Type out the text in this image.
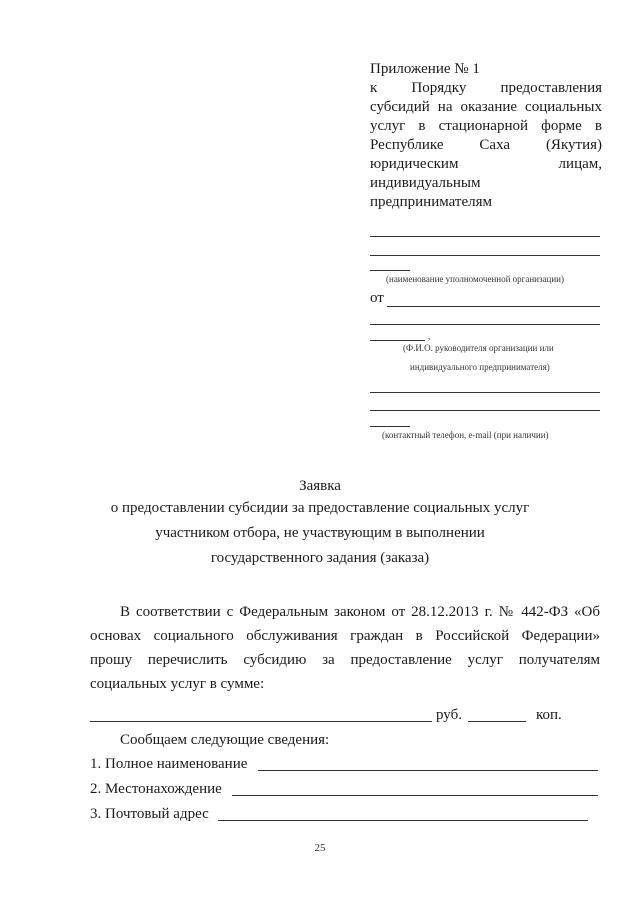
Приложение № 1
к Порядку предоставления
субсидий на оказание социальных
услуг в стационарной форме в
Республике Саха (Якутия)
юридическим лицам,
индивидуальным
предпринимателям
(наименование уполномоченной организации)
от
,
(Ф.И.О. руководителя организации или
индивидуального предпринимателя)
(контактный телефон, e-mail (при наличии)
Заявка
о предоставлении субсидии за предоставление социальных услуг
участником отбора, не участвующим в выполнении
государственного задания (заказа)
В соответствии с Федеральным законом от 28.12.2013 г. № 442-ФЗ «Об
основах социального обслуживания граждан в Российской Федерации»
прошу перечислить субсидию за предоставление услуг получателям
социальных услуг в сумме:
руб.	коп.
Сообщаем следующие сведения:
1. Полное наименование
2. Местонахождение
3. Почтовый адрес
25
